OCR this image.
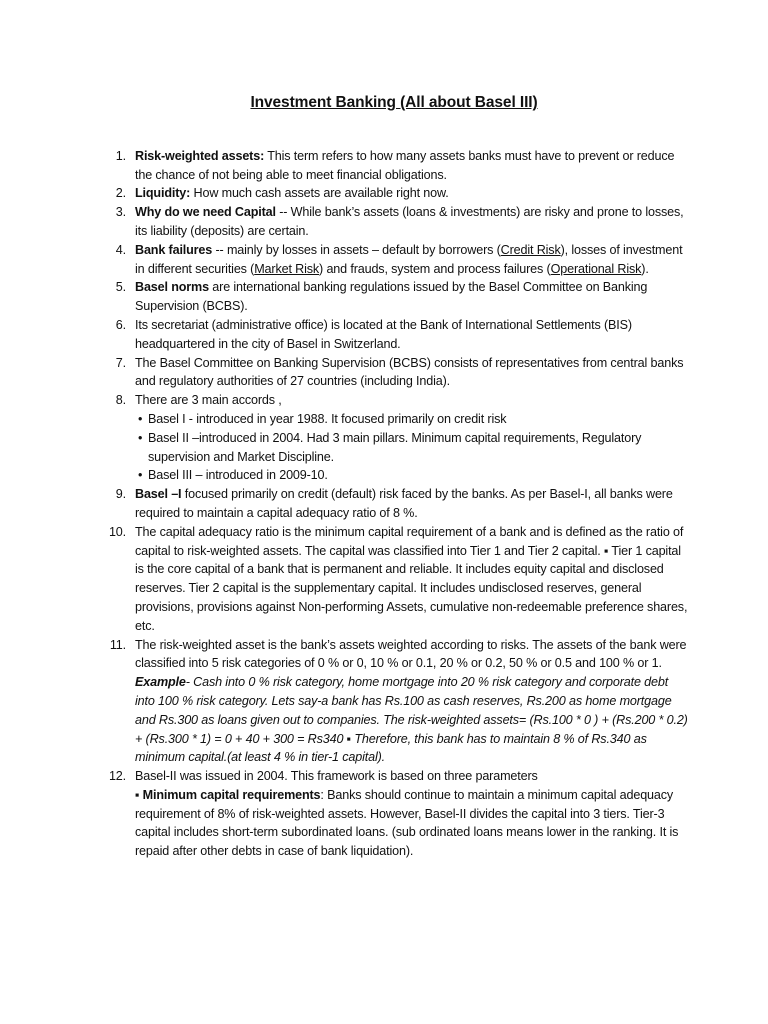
Investment Banking (All about Basel III)
1. Risk-weighted assets: This term refers to how many assets banks must have to prevent or reduce the chance of not being able to meet financial obligations.
2. Liquidity: How much cash assets are available right now.
3. Why do we need Capital -- While bank’s assets (loans & investments) are risky and prone to losses, its liability (deposits) are certain.
4. Bank failures -- mainly by losses in assets – default by borrowers (Credit Risk), losses of investment in different securities (Market Risk) and frauds, system and process failures (Operational Risk).
5. Basel norms are international banking regulations issued by the Basel Committee on Banking Supervision (BCBS).
6. Its secretariat (administrative office) is located at the Bank of International Settlements (BIS) headquartered in the city of Basel in Switzerland.
7. The Basel Committee on Banking Supervision (BCBS) consists of representatives from central banks and regulatory authorities of 27 countries (including India).
8. There are 3 main accords ,
• Basel I - introduced in year 1988. It focused primarily on credit risk
• Basel II –introduced in 2004. Had 3 main pillars. Minimum capital requirements, Regulatory supervision and Market Discipline.
• Basel III – introduced in 2009-10.
9. Basel –I focused primarily on credit (default) risk faced by the banks. As per Basel-I, all banks were required to maintain a capital adequacy ratio of 8 %.
10. The capital adequacy ratio is the minimum capital requirement of a bank and is defined as the ratio of capital to risk-weighted assets. The capital was classified into Tier 1 and Tier 2 capital. ▪ Tier 1 capital is the core capital of a bank that is permanent and reliable. It includes equity capital and disclosed reserves. Tier 2 capital is the supplementary capital. It includes undisclosed reserves, general provisions, provisions against Non-performing Assets, cumulative non-redeemable preference shares, etc.
11. The risk-weighted asset is the bank’s assets weighted according to risks. The assets of the bank were classified into 5 risk categories of 0 % or 0, 10 % or 0.1, 20 % or 0.2, 50 % or 0.5 and 100 % or 1.
Example- Cash into 0 % risk category, home mortgage into 20 % risk category and corporate debt into 100 % risk category. Lets say-a bank has Rs.100 as cash reserves, Rs.200 as home mortgage and Rs.300 as loans given out to companies. The risk-weighted assets= (Rs.100 * 0 ) + (Rs.200 * 0.2) + (Rs.300 * 1) = 0 + 40 + 300 = Rs340 ▪ Therefore, this bank has to maintain 8 % of Rs.340 as minimum capital.(at least 4 % in tier-1 capital).
12. Basel-II was issued in 2004. This framework is based on three parameters
▪ Minimum capital requirements: Banks should continue to maintain a minimum capital adequacy requirement of 8% of risk-weighted assets. However, Basel-II divides the capital into 3 tiers. Tier-3 capital includes short-term subordinated loans. (sub ordinated loans means lower in the ranking. It is repaid after other debts in case of bank liquidation).
